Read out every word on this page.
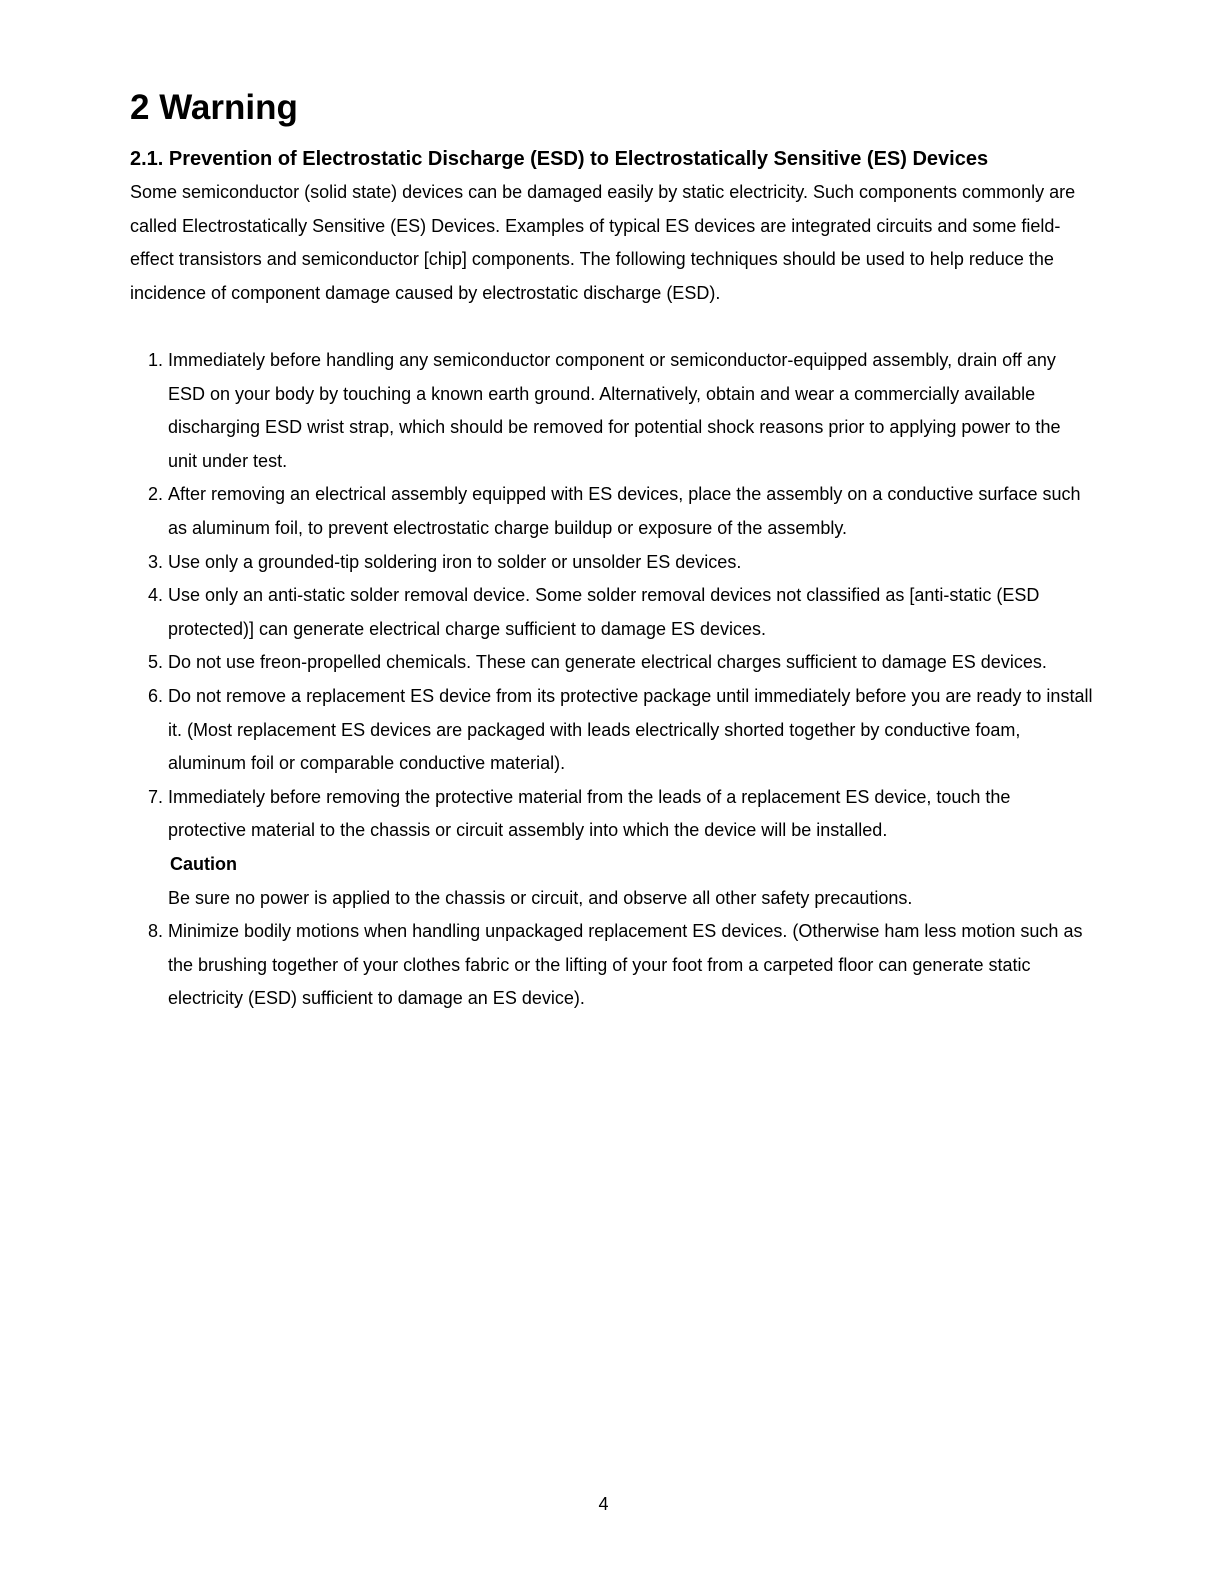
2 Warning
2.1. Prevention of Electrostatic Discharge (ESD) to Electrostatically Sensitive (ES) Devices

Some semiconductor (solid state) devices can be damaged easily by static electricity. Such components commonly are called Electrostatically Sensitive (ES) Devices. Examples of typical ES devices are integrated circuits and some field-effect transistors and semiconductor [chip] components. The following techniques should be used to help reduce the incidence of component damage caused by electrostatic discharge (ESD).

1. Immediately before handling any semiconductor component or semiconductor-equipped assembly, drain off any ESD on your body by touching a known earth ground. Alternatively, obtain and wear a commercially available discharging ESD wrist strap, which should be removed for potential shock reasons prior to applying power to the unit under test.
2. After removing an electrical assembly equipped with ES devices, place the assembly on a conductive surface such as aluminum foil, to prevent electrostatic charge buildup or exposure of the assembly.
3. Use only a grounded-tip soldering iron to solder or unsolder ES devices.
4. Use only an anti-static solder removal device. Some solder removal devices not classified as [anti-static (ESD protected)] can generate electrical charge sufficient to damage ES devices.
5. Do not use freon-propelled chemicals. These can generate electrical charges sufficient to damage ES devices.
6. Do not remove a replacement ES device from its protective package until immediately before you are ready to install it. (Most replacement ES devices are packaged with leads electrically shorted together by conductive foam, aluminum foil or comparable conductive material).
7. Immediately before removing the protective material from the leads of a replacement ES device, touch the protective material to the chassis or circuit assembly into which the device will be installed.
Caution
Be sure no power is applied to the chassis or circuit, and observe all other safety precautions.
8. Minimize bodily motions when handling unpackaged replacement ES devices. (Otherwise ham less motion such as the brushing together of your clothes fabric or the lifting of your foot from a carpeted floor can generate static electricity (ESD) sufficient to damage an ES device).
4
